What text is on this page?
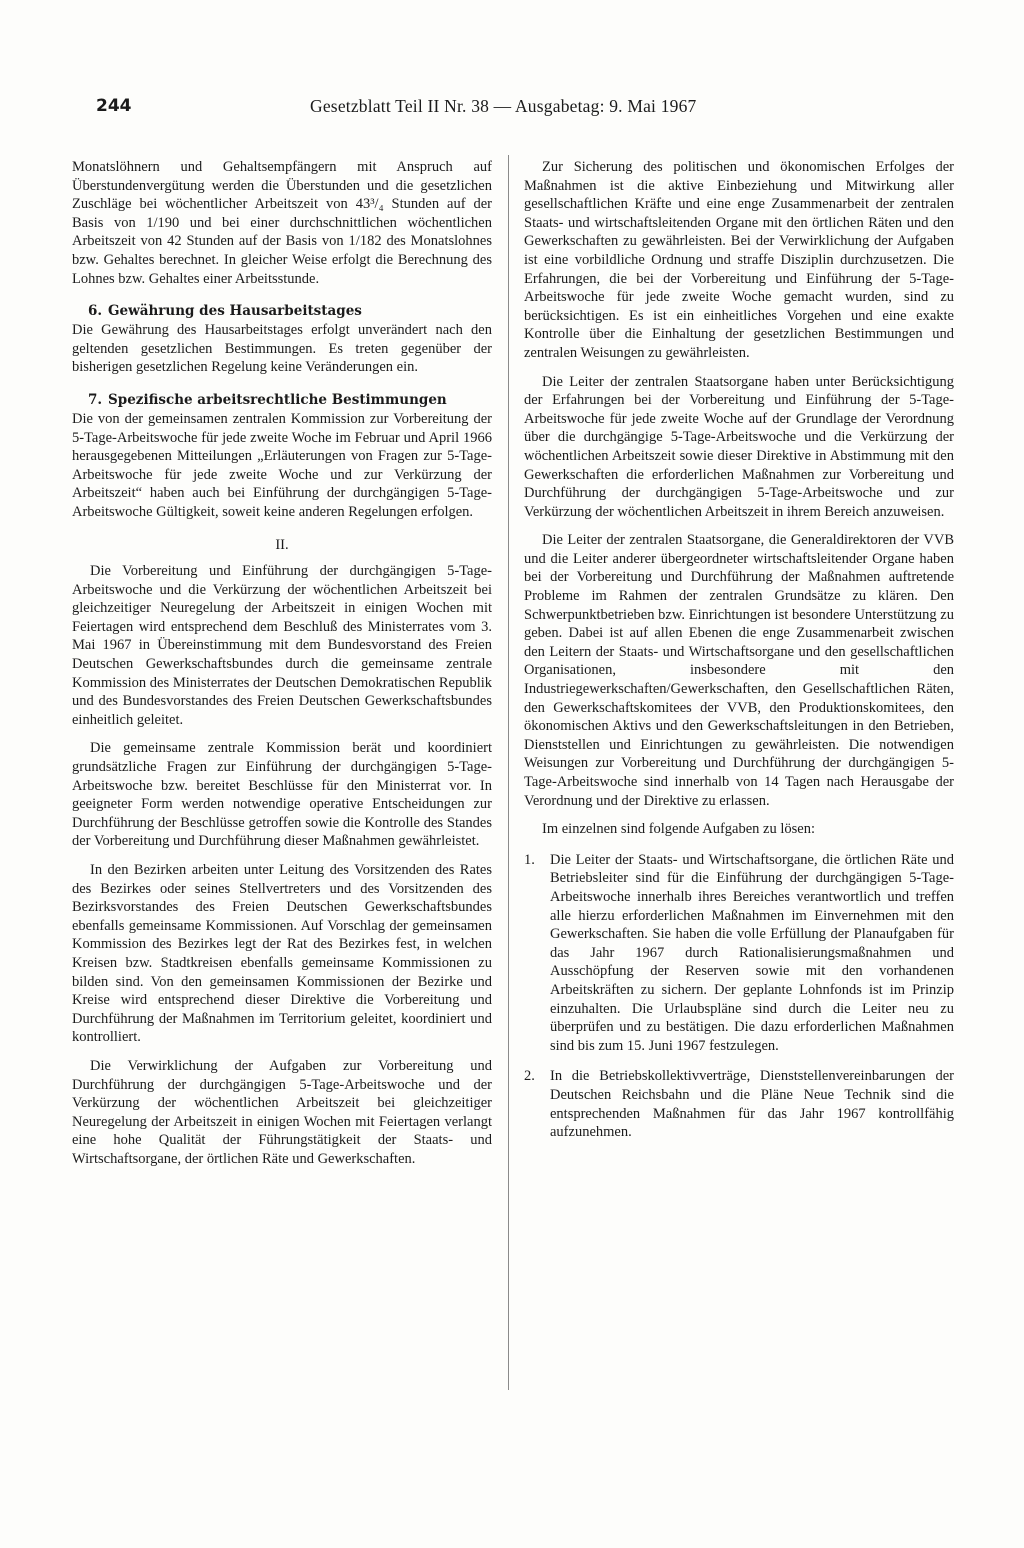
244	Gesetzblatt Teil II Nr. 38 — Ausgabetag: 9. Mai 1967

Monatslöhnern und Gehaltsempfängern mit Anspruch auf Überstundenvergütung werden die Überstunden und die gesetzlichen Zuschläge bei wöchentlicher Arbeitszeit von 43³/₄ Stunden auf der Basis von 1/190 und bei einer durchschnittlichen wöchentlichen Arbeitszeit von 42 Stunden auf der Basis von 1/182 des Monatslohnes bzw. Gehaltes berechnet. In gleicher Weise erfolgt die Berechnung des Lohnes bzw. Gehaltes einer Arbeitsstunde.

6. Gewährung des Hausarbeitstages

Die Gewährung des Hausarbeitstages erfolgt unverändert nach den geltenden gesetzlichen Bestimmungen. Es treten gegenüber der bisherigen gesetzlichen Regelung keine Veränderungen ein.

7. Spezifische arbeitsrechtliche Bestimmungen

Die von der gemeinsamen zentralen Kommission zur Vorbereitung der 5-Tage-Arbeitswoche für jede zweite Woche im Februar und April 1966 herausgegebenen Mitteilungen „Erläuterungen von Fragen zur 5-Tage-Arbeitswoche für jede zweite Woche und zur Verkürzung der Arbeitszeit“ haben auch bei Einführung der durchgängigen 5-Tage-Arbeitswoche Gültigkeit, soweit keine anderen Regelungen erfolgen.

II.

Die Vorbereitung und Einführung der durchgängigen 5-Tage-Arbeitswoche und die Verkürzung der wöchentlichen Arbeitszeit bei gleichzeitiger Neuregelung der Arbeitszeit in einigen Wochen mit Feiertagen wird entsprechend dem Beschluß des Ministerrates vom 3. Mai 1967 in Übereinstimmung mit dem Bundesvorstand des Freien Deutschen Gewerkschaftsbundes durch die gemeinsame zentrale Kommission des Ministerrates der Deutschen Demokratischen Republik und des Bundesvorstandes des Freien Deutschen Gewerkschaftsbundes einheitlich geleitet.

Die gemeinsame zentrale Kommission berät und koordiniert grundsätzliche Fragen zur Einführung der durchgängigen 5-Tage-Arbeitswoche bzw. bereitet Beschlüsse für den Ministerrat vor. In geeigneter Form werden notwendige operative Entscheidungen zur Durchführung der Beschlüsse getroffen sowie die Kontrolle des Standes der Vorbereitung und Durchführung dieser Maßnahmen gewährleistet.

In den Bezirken arbeiten unter Leitung des Vorsitzenden des Rates des Bezirkes oder seines Stellvertreters und des Vorsitzenden des Bezirksvorstandes des Freien Deutschen Gewerkschaftsbundes ebenfalls gemeinsame Kommissionen. Auf Vorschlag der gemeinsamen Kommission des Bezirkes legt der Rat des Bezirkes fest, in welchen Kreisen bzw. Stadtkreisen ebenfalls gemeinsame Kommissionen zu bilden sind. Von den gemeinsamen Kommissionen der Bezirke und Kreise wird entsprechend dieser Direktive die Vorbereitung und Durchführung der Maßnahmen im Territorium geleitet, koordiniert und kontrolliert.

Die Verwirklichung der Aufgaben zur Vorbereitung und Durchführung der durchgängigen 5-Tage-Arbeitswoche und der Verkürzung der wöchentlichen Arbeitszeit bei gleichzeitiger Neuregelung der Arbeitszeit in einigen Wochen mit Feiertagen verlangt eine hohe Qualität der Führungstätigkeit der Staats- und Wirtschaftsorgane, der örtlichen Räte und Gewerkschaften.

Zur Sicherung des politischen und ökonomischen Erfolges der Maßnahmen ist die aktive Einbeziehung und Mitwirkung aller gesellschaftlichen Kräfte und eine enge Zusammenarbeit der zentralen Staats- und wirtschaftsleitenden Organe mit den örtlichen Räten und den Gewerkschaften zu gewährleisten. Bei der Verwirklichung der Aufgaben ist eine vorbildliche Ordnung und straffe Disziplin durchzusetzen. Die Erfahrungen, die bei der Vorbereitung und Einführung der 5-Tage-Arbeitswoche für jede zweite Woche gemacht wurden, sind zu berücksichtigen. Es ist ein einheitliches Vorgehen und eine exakte Kontrolle über die Einhaltung der gesetzlichen Bestimmungen und zentralen Weisungen zu gewährleisten.

Die Leiter der zentralen Staatsorgane haben unter Berücksichtigung der Erfahrungen bei der Vorbereitung und Einführung der 5-Tage-Arbeitswoche für jede zweite Woche auf der Grundlage der Verordnung über die durchgängige 5-Tage-Arbeitswoche und die Verkürzung der wöchentlichen Arbeitszeit sowie dieser Direktive in Abstimmung mit den Gewerkschaften die erforderlichen Maßnahmen zur Vorbereitung und Durchführung der durchgängigen 5-Tage-Arbeitswoche und zur Verkürzung der wöchentlichen Arbeitszeit in ihrem Bereich anzuweisen.

Die Leiter der zentralen Staatsorgane, die Generaldirektoren der VVB und die Leiter anderer übergeordneter wirtschaftsleitender Organe haben bei der Vorbereitung und Durchführung der Maßnahmen auftretende Probleme im Rahmen der zentralen Grundsätze zu klären. Den Schwerpunktbetrieben bzw. Einrichtungen ist besondere Unterstützung zu geben. Dabei ist auf allen Ebenen die enge Zusammenarbeit zwischen den Leitern der Staats- und Wirtschaftsorgane und den gesellschaftlichen Organisationen, insbesondere mit den Industriegewerkschaften/Gewerkschaften, den Gesellschaftlichen Räten, den Gewerkschaftskomitees der VVB, den Produktionskomitees, den ökonomischen Aktivs und den Gewerkschaftsleitungen in den Betrieben, Dienststellen und Einrichtungen zu gewährleisten. Die notwendigen Weisungen zur Vorbereitung und Durchführung der durchgängigen 5-Tage-Arbeitswoche sind innerhalb von 14 Tagen nach Herausgabe der Verordnung und der Direktive zu erlassen.

Im einzelnen sind folgende Aufgaben zu lösen:

1.	Die Leiter der Staats- und Wirtschaftsorgane, die örtlichen Räte und Betriebsleiter sind für die Einführung der durchgängigen 5-Tage-Arbeitswoche innerhalb ihres Bereiches verantwortlich und treffen alle hierzu erforderlichen Maßnahmen im Einvernehmen mit den Gewerkschaften. Sie haben die volle Erfüllung der Planaufgaben für das Jahr 1967 durch Rationalisierungsmaßnahmen und Ausschöpfung der Reserven sowie mit den vorhandenen Arbeitskräften zu sichern. Der geplante Lohnfonds ist im Prinzip einzuhalten. Die Urlaubspläne sind durch die Leiter neu zu überprüfen und zu bestätigen. Die dazu erforderlichen Maßnahmen sind bis zum 15. Juni 1967 festzulegen.
2.	In die Betriebskollektivverträge, Dienststellenvereinbarungen der Deutschen Reichsbahn und die Pläne Neue Technik sind die entsprechenden Maßnahmen für das Jahr 1967 kontrollfähig aufzunehmen.
